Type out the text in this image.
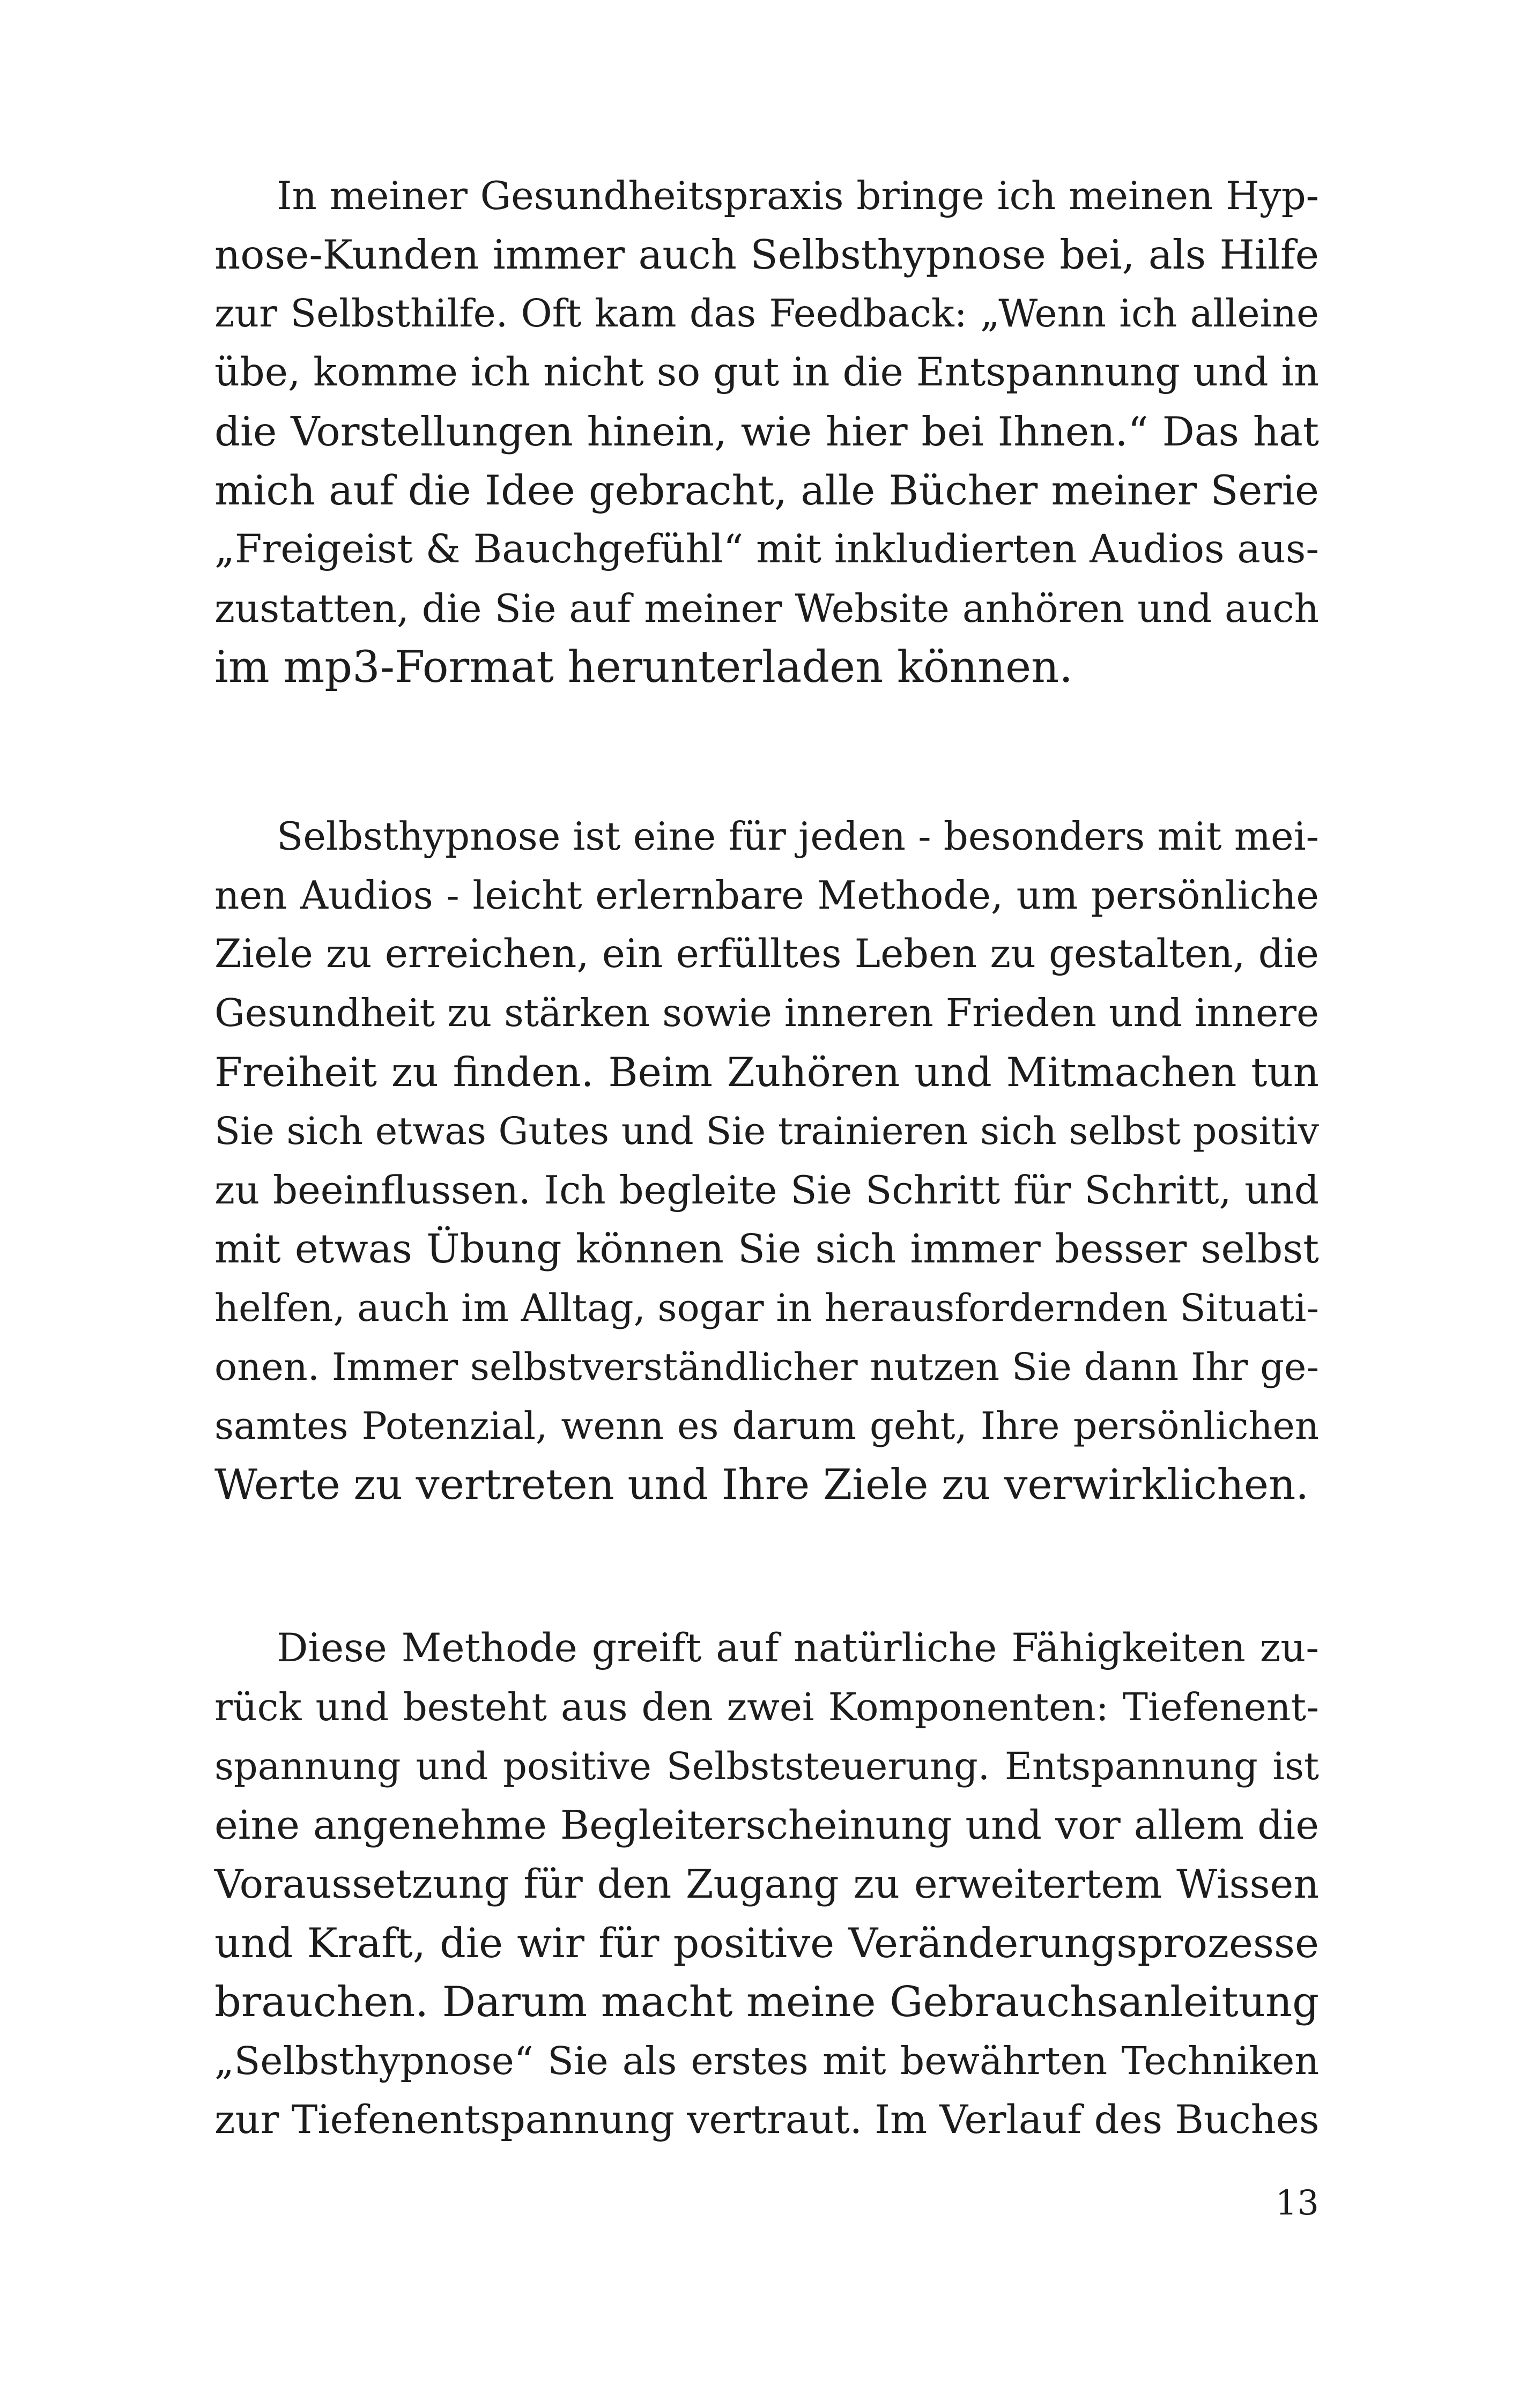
In meiner Gesundheitspraxis bringe ich meinen Hyp-
nose-Kunden immer auch Selbsthypnose bei, als Hilfe
zur Selbsthilfe. Oft kam das Feedback: „Wenn ich alleine
übe, komme ich nicht so gut in die Entspannung und in
die Vorstellungen hinein, wie hier bei Ihnen.“ Das hat
mich auf die Idee gebracht, alle Bücher meiner Serie
„Freigeist & Bauchgefühl“ mit inkludierten Audios aus-
zustatten, die Sie auf meiner Website anhören und auch
im mp3-Format herunterladen können.
Selbsthypnose ist eine für jeden - besonders mit mei-
nen Audios - leicht erlernbare Methode, um persönliche
Ziele zu erreichen, ein erfülltes Leben zu gestalten, die
Gesundheit zu stärken sowie inneren Frieden und innere
Freiheit zu finden. Beim Zuhören und Mitmachen tun
Sie sich etwas Gutes und Sie trainieren sich selbst positiv
zu beeinflussen. Ich begleite Sie Schritt für Schritt, und
mit etwas Übung können Sie sich immer besser selbst
helfen, auch im Alltag, sogar in herausfordernden Situati-
onen. Immer selbstverständlicher nutzen Sie dann Ihr ge-
samtes Potenzial, wenn es darum geht, Ihre persönlichen
Werte zu vertreten und Ihre Ziele zu verwirklichen.
Diese Methode greift auf natürliche Fähigkeiten zu-
rück und besteht aus den zwei Komponenten: Tiefenent-
spannung und positive Selbststeuerung. Entspannung ist
eine angenehme Begleiterscheinung und vor allem die
Voraussetzung für den Zugang zu erweitertem Wissen
und Kraft, die wir für positive Veränderungsprozesse
brauchen. Darum macht meine Gebrauchsanleitung
„Selbsthypnose“ Sie als erstes mit bewährten Techniken
zur Tiefenentspannung vertraut. Im Verlauf des Buches
13
